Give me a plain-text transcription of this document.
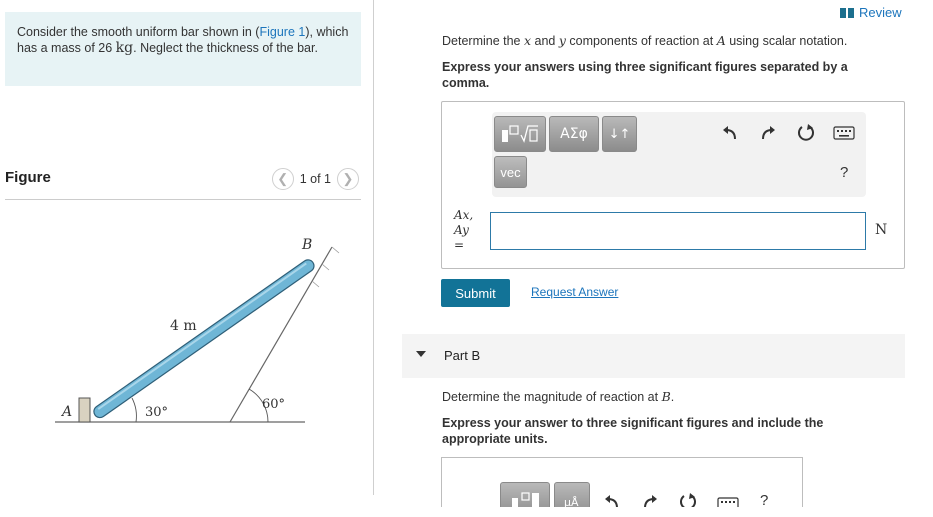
Consider the smooth uniform bar shown in (Figure 1), which has a mass of 26 kg. Neglect the thickness of the bar.
Figure	❮ 1 of 1 ❯
A
B
4 m
30°
60°
Review
Determine the x and y components of reaction at A using scalar notation.
Express your answers using three significant figures separated by a comma.
ΑΣφ	↓↑
vec	?
Ax,
Ay
=
N
Submit	Request Answer
Part B
Determine the magnitude of reaction at B.
Express your answer to three significant figures and include the appropriate units.
μÅ	?
